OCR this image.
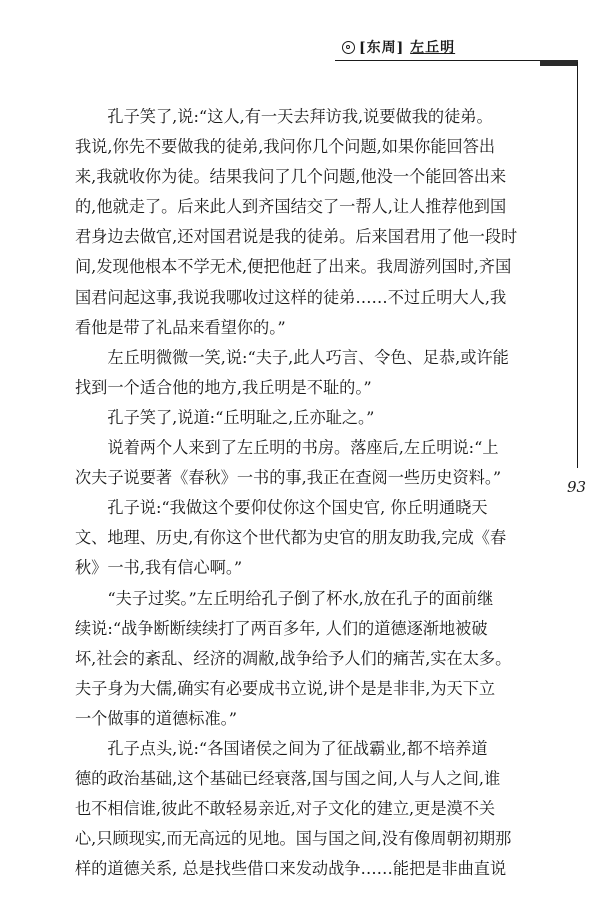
[东周] 左丘明
93

孔子笑了,说:“这人,有一天去拜访我,说要做我的徒弟。
我说,你先不要做我的徒弟,我问你几个问题,如果你能回答出
来,我就收你为徒。结果我问了几个问题,他没一个能回答出来
的,他就走了。后来此人到齐国结交了一帮人,让人推荐他到国
君身边去做官,还对国君说是我的徒弟。后来国君用了他一段时
间,发现他根本不学无术,便把他赶了出来。我周游列国时,齐国
国君问起这事,我说我哪收过这样的徒弟……不过丘明大人,我
看他是带了礼品来看望你的。”

左丘明微微一笑,说:“夫子,此人巧言、令色、足恭,或许能
找到一个适合他的地方,我丘明是不耻的。”

孔子笑了,说道:“丘明耻之,丘亦耻之。”

说着两个人来到了左丘明的书房。落座后,左丘明说:“上
次夫子说要著《春秋》一书的事,我正在查阅一些历史资料。”

孔子说:“我做这个要仰仗你这个国史官, 你丘明通晓天
文、地理、历史,有你这个世代都为史官的朋友助我,完成《春
秋》一书,我有信心啊。”

“夫子过奖。”左丘明给孔子倒了杯水,放在孔子的面前继
续说:“战争断断续续打了两百多年, 人们的道德逐渐地被破
坏,社会的紊乱、经济的凋敝,战争给予人们的痛苦,实在太多。
夫子身为大儒,确实有必要成书立说,讲个是是非非,为天下立
一个做事的道德标准。”

孔子点头,说:“各国诸侯之间为了征战霸业,都不培养道
德的政治基础,这个基础已经衰落,国与国之间,人与人之间,谁
也不相信谁,彼此不敢轻易亲近,对子文化的建立,更是漠不关
心,只顾现实,而无高远的见地。国与国之间,没有像周朝初期那
样的道德关系, 总是找些借口来发动战争……能把是非曲直说
